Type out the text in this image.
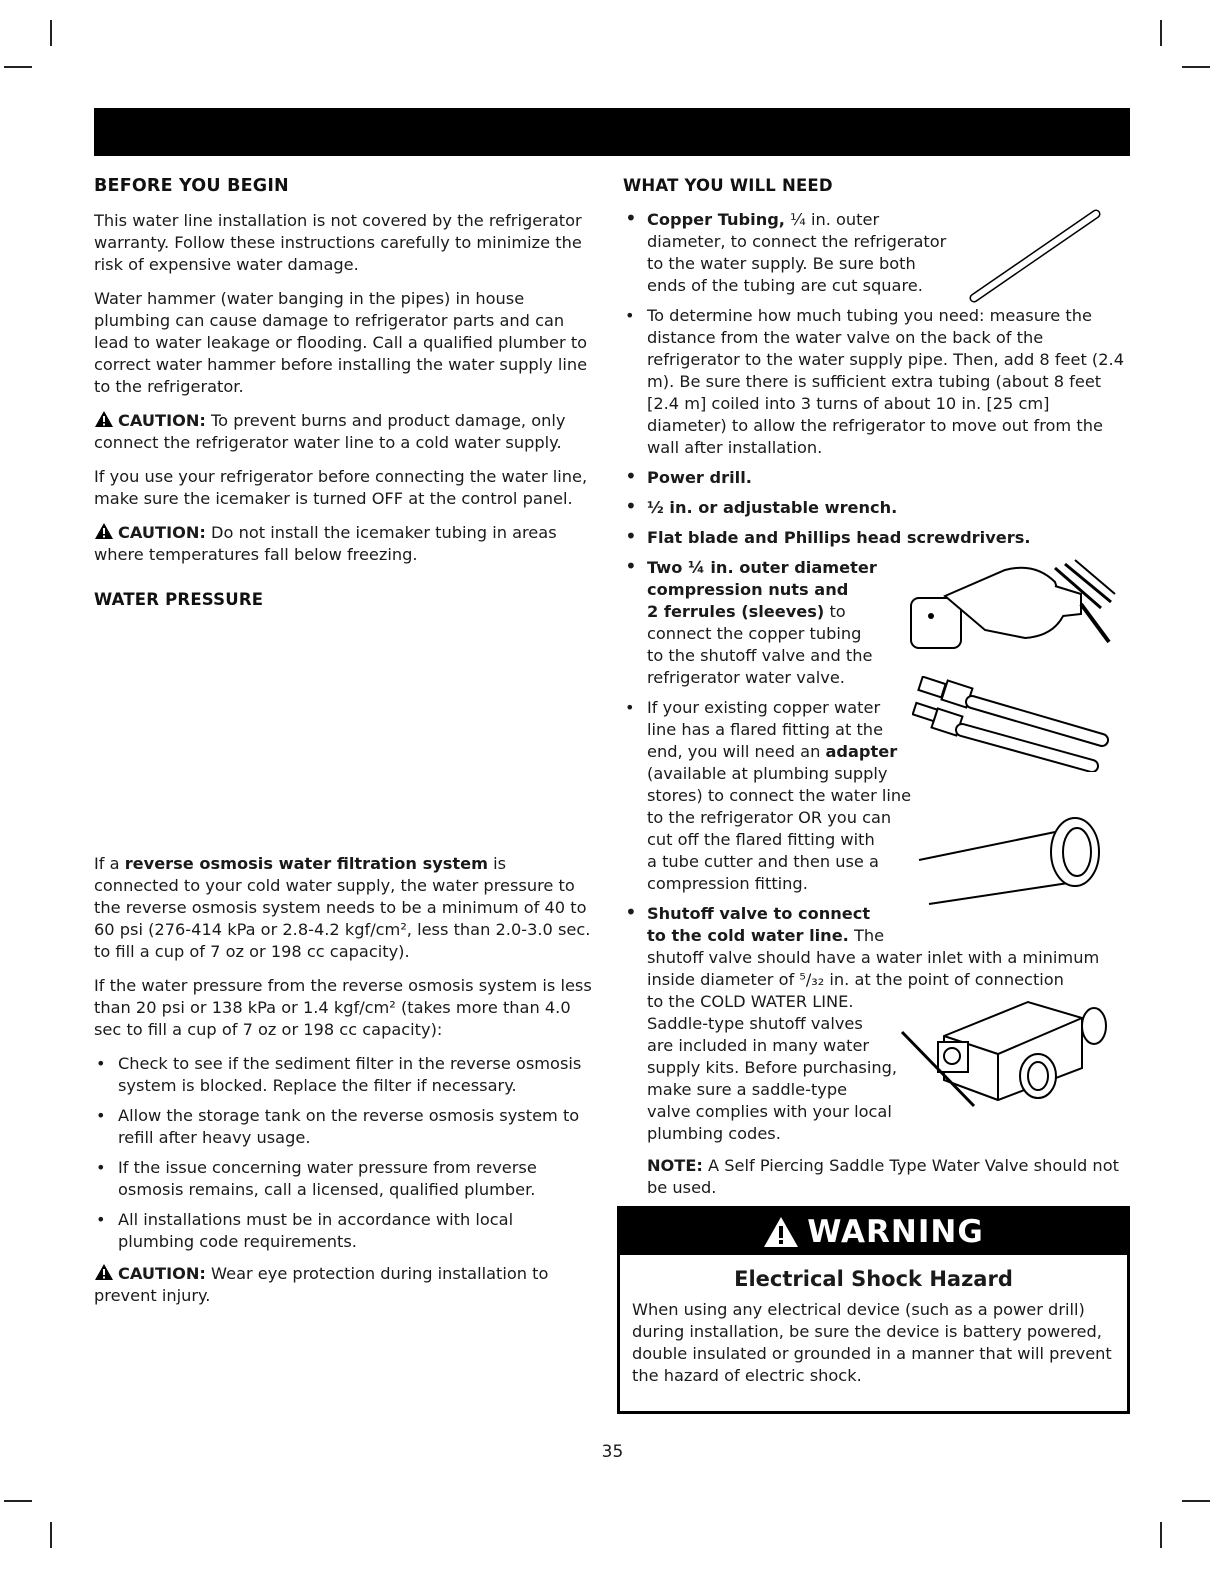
BEFORE YOU BEGIN

This water line installation is not covered by the refrigerator warranty. Follow these instructions carefully to minimize the risk of expensive water damage.

Water hammer (water banging in the pipes) in house plumbing can cause damage to refrigerator parts and can lead to water leakage or flooding. Call a qualified plumber to correct water hammer before installing the water supply line to the refrigerator.

CAUTION: To prevent burns and product damage, only connect the refrigerator water line to a cold water supply.

If you use your refrigerator before connecting the water line, make sure the icemaker is turned OFF at the control panel.

CAUTION: Do not install the icemaker tubing in areas where temperatures fall below freezing.

WATER PRESSURE

If a reverse osmosis water filtration system is connected to your cold water supply, the water pressure to the reverse osmosis system needs to be a minimum of 40 to 60 psi (276-414 kPa or 2.8-4.2 kgf/cm², less than 2.0-3.0 sec. to fill a cup of 7 oz or 198 cc capacity).

If the water pressure from the reverse osmosis system is less than 20 psi or 138 kPa or 1.4 kgf/cm² (takes more than 4.0 sec to fill a cup of 7 oz or 198 cc capacity):

• Check to see if the sediment filter in the reverse osmosis system is blocked. Replace the filter if necessary.
• Allow the storage tank on the reverse osmosis system to refill after heavy usage.
• If the issue concerning water pressure from reverse osmosis remains, call a licensed, qualified plumber.
• All installations must be in accordance with local plumbing code requirements.

CAUTION: Wear eye protection during installation to prevent injury.

WHAT YOU WILL NEED
• Copper Tubing, ¼ in. outer
diameter, to connect the refrigerator
to the water supply. Be sure both
ends of the tubing are cut square.
• To determine how much tubing you need: measure the distance from the water valve on the back of the refrigerator to the water supply pipe. Then, add 8 feet (2.4 m). Be sure there is sufficient extra tubing (about 8 feet [2.4 m] coiled into 3 turns of about 10 in. [25 cm] diameter) to allow the refrigerator to move out from the wall after installation.
• Power drill.
• ½ in. or adjustable wrench.
• Flat blade and Phillips head screwdrivers.
• Two ¼ in. outer diameter
compression nuts and
2 ferrules (sleeves) to
connect the copper tubing
to the shutoff valve and the
refrigerator water valve.
• If your existing copper water
line has a flared fitting at the
end, you will need an adapter
(available at plumbing supply
stores) to connect the water line
to the refrigerator OR you can
cut off the flared fitting with
a tube cutter and then use a
compression fitting.
• Shutoff valve to connect
to the cold water line. The
shutoff valve should have a water inlet with a minimum
inside diameter of ⁵/₃₂ in. at the point of connection
to the COLD WATER LINE.
Saddle-type shutoff valves
are included in many water
supply kits. Before purchasing,
make sure a saddle-type
valve complies with your local
plumbing codes.

NOTE: A Self Piercing Saddle Type Water Valve should not be used.

WARNING
Electrical Shock Hazard

When using any electrical device (such as a power drill) during installation, be sure the device is battery powered, double insulated or grounded in a manner that will prevent the hazard of electric shock.

35
